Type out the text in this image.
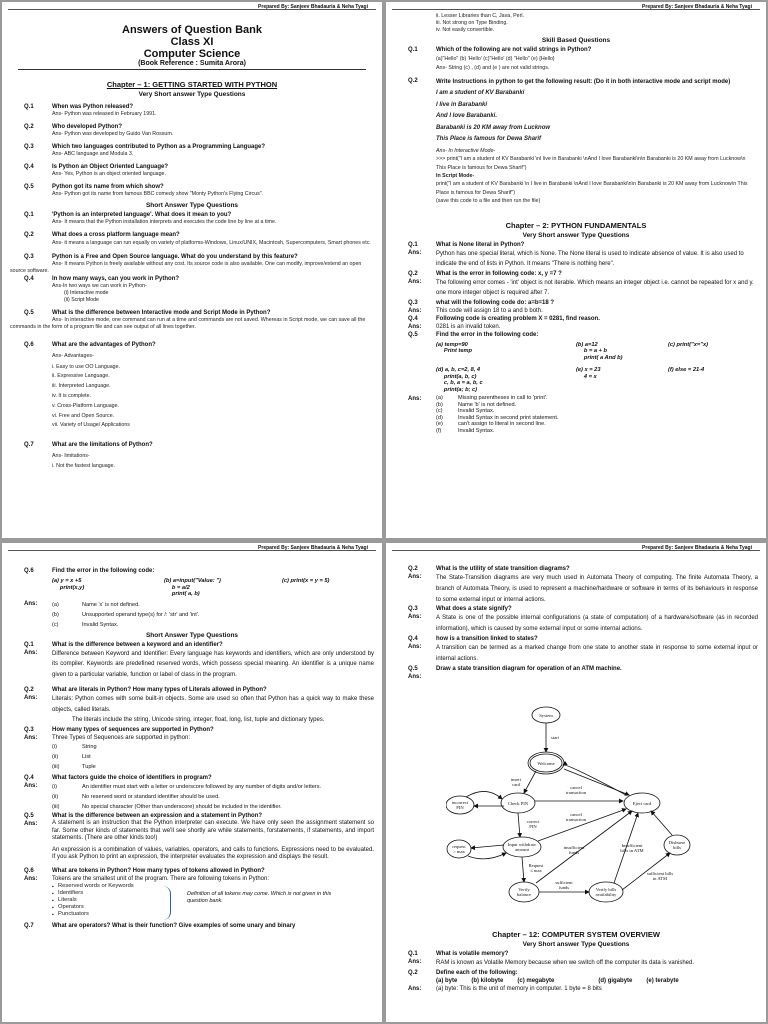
Prepared By: Sanjeev Bhadauria & Neha Tyagi
Answers of Question Bank
Class XI
Computer Science
(Book Reference : Sumita Arora)
Chapter – 1: GETTING STARTED WITH PYTHON
Very Short answer Type Questions
Q.1	When was Python released?
Ans- Python was released in February 1991.
Q.2	Who developed Python?
Ans- Python was developed by Guido Van Rossum.
Q.3	Which two languages contributed to Python as a Programming Language?
Ans- ABC language and Modula 3.
Q.4	Is Python an Object Oriented Language?
Ans- Yes, Python is an object oriented language.
Q.5	Python got its name from which show?
Ans- Python got its name from famous BBC comedy show "Monty Python's Flying Circus".
Short Answer Type Questions
Q.1	'Python is an interpreted language'. What does it mean to you?
Ans- It means that the Python installation interprets and executes the code line by line at a time.
Q.2	What does a cross platform language mean?
Ans- it means a language can run equally on variety of platforms-Windows, Linux/UNIX, Macintosh, Supercomputers, Smart phones etc.
Q.3	Python is a Free and Open Source language. What do you understand by this feature?
Ans- It means Python is freely available without any cost. Its source code is also available. One can modify, improve/extend an open source software.
Q.4	In how many ways, can you work in Python?
Ans-In two ways we can work in Python-
(i) Interactive mode
(ii) Script Mode
Q.5	What is the difference between Interactive mode and Script Mode in Python?
Ans- In interactive mode, one command can run at a time and commands are not saved. Whereas in Script mode, we can save all the commands in the form of a program file and can see output of all lines together.
Q.6	What are the advantages of Python?
Ans- Advantages-
i. Easy to use OO Language.
ii. Expressive Language.
iii. Interpreted Language.
iv. It is complete.
v. Cross-Platform Language.
vi. Free and Open Source.
vii. Variety of Usage/ Applications
Q.7	What are the limitations of Python?
Ans- limitations-
i. Not the fastest language.
Prepared By: Sanjeev Bhadauria & Neha Tyagi
ii. Lesser Libraries than C, Java, Perl.
iii. Not strong on Type Binding.
iv. Not easily convertible.
Skill Based Questions
Q.1	Which of the following are not valid strings in Python?
(a)"Hello" (b) 'Hello' (c)"Hello' (d) "Hello" (e) {Hello}
Ans- String (c) , (d) and (e ) are not valid strings.
Q.2	Write Instructions in python to get the following result: (Do it in both interactive mode and script mode)
I am a student of KV Barabanki
I live in Barabanki
And I love Barabanki.
Barabanki is 20 KM away from Lucknow
This Place is famous for Dewa Sharif
Ans- In Interactive Mode-
>>> print("I am a student of KV Barabanki \nI live in Barabanki \nAnd I love Barabanki\n\n Barabanki is 20 KM away from Lucknow\n This Place is famous for Dewa Sharif")
In Script Mode-
print("I am a student of KV Barabanki \n I live in Barabanki \nAnd I love Barabanki\n\n Barabanki is 20 KM away from Lucknow\n This Place is famous for Dewa Sharif")
(save this code to a file and then run the file)
Chapter – 2: PYTHON FUNDAMENTALS
Very Short answer Type Questions
Q.1	What is None literal in Python?
Ans:	Python has one special literal, which is None. The None literal is used to indicate absence of value. It is also used to indicate the end of lists in Python. It means "There is nothing here".
Q.2	What is the error in following code: x, y =7 ?
Ans:	The following error comes - 'int' object is not iterable. Which means an integer object i.e. cannot be repeated for x and y. one more integer object is required after 7.
Q.3	what will the following code do: a=b=18 ?
Ans:	This code will assign 18 to a and b both.
Q.4	Following code is creating problem X = 0281, find reason.
Ans:	0281 is an invalid token.
Q.5	Find the error in the following code:
(a) temp=90
Print temp
(b) a=12
b = a + b
print( a And b)
(c) print("x="x)
(d) a, b, c=2, 8, 4
print(a, b, c)
c, b, a = a, b, c
print(a; b; c)
(e) x = 23
4 = x
(f) else = 21-4
Ans:	(a)	Missing parentheses in call to 'print'.
(b)	Name 'b' is not defined.
(c)	Invalid Syntax.
(d)	Invalid Syntax in second print statement.
(e)	can't assign to literal in second line.
(f)	Invalid Syntax.
Prepared By: Sanjeev Bhadauria & Neha Tyagi
Q.6	Find the error in the following code:
(a) y = x +5
print(x,y)
(b) a=input("Value: ")
b = a/2
print( a, b)
(c) print(x = y = 5)
Ans:	(a)	Name 'x' is not defined.
(b)	Unsupported operand type(s) for /: 'str' and 'int'.
(c)	Invalid Syntax.
Short Answer Type Questions
Q.1	What is the difference between a keyword and an identifier?
Ans:	Difference between Keyword and Identifier: Every language has keywords and identifiers, which are only understood by its compiler. Keywords are predefined reserved words, which possess special meaning. An identifier is a unique name given to a particular variable, function or label of class in the program.
Q.2	What are literals in Python? How many types of Literals allowed in Python?
Ans:	Literals: Python comes with some built-in objects. Some are used so often that Python has a quick way to make these objects, called literals.
The literals include the string, Unicode string, integer, float, long, list, tuple and dictionary types.
Q.3	How many types of sequences are supported in Python?
Ans:	Three Types of Sequences are supported in python:
(i)	String
(ii)	List
(iii)	Tuple
Q.4	What factors guide the choice of identifiers in program?
Ans:	(i)	An identifier must start with a letter or underscore followed by any number of digits and/or letters.
(ii)	No reserved word or standard identifier should be used.
(iii)	No special character (Other than underscore) should be included in the identifier.
Q.5	What is the difference between an expression and a statement in Python?
Ans:	A statement is an instruction that the Python interpreter can execute. We have only seen the assignment statement so far. Some other kinds of statements that we'll see shortly are while statements, forstatements, if statements, and import statements. (There are other kinds too!)
An expression is a combination of values, variables, operators, and calls to functions. Expressions need to be evaluated. If you ask Python to print an expression, the interpreter evaluates the expression and displays the result.
Q.6	What are tokens in Python? How many types of tokens allowed in Python?
Ans:	Tokens are the smallest unit of the program. There are following tokens in Python:
▪ Reserved words or Keywords
▪ Identifiers
▪ Literals
▪ Operators
▪ Punctuators
Definition of all tokens may come. Which is not given in this question bank.
Q.7	What are operators? What is their function? Give examples of some unary and binary
Prepared By: Sanjeev Bhadauria & Neha Tyagi
Q.2	What is the utility of state transition diagrams?
Ans:	The State-Transition diagrams are very much used in Automata Theory of computing. The finite Automata Theory, a branch of Automata Theory, is used to represent a machine/hardware or software in terms of its behaviours in response to some external input or internal actions.
Q.3	What does a state signify?
Ans:	A State is one of the possible internal configurations (a state of computation) of a hardware/software (as in recorded information), which is caused by some external input or some internal actions.
Q.4	how is a transition linked to states?
Ans:	A transition can be termed as a marked change from one state to another state in response to some external input or internal actions.
Q.5	Draw a state transition diagram for operation of an ATM machine.
Ans:
System
start
Welcome
insert
card
Eject card
incorrect
PIN
Check PIN
cancel
transaction
cancel
transaction
correct
PIN
request
> max
Input withdraw
amount	insufficient
funds
Insufficient
bills in ATM
Disburse
bills
Request
≤ max
sufficient
funds
Verify
balance
Verify bills
availability
sufficient bills
in ATM
Chapter – 12: COMPUTER SYSTEM OVERVIEW
Very Short answer Type Questions
Q.1	What is volatile memory?
Ans:	RAM is known as Volatile Memory because when we switch off the computer its data is vanished.
Q.2	Define each of the following:
(a) byte (b) kilobyte (c) megabyte	(d) gigabyte (e) terabyte
Ans:	(a) byte: This is the unit of memory in computer. 1 byte = 8 bits
